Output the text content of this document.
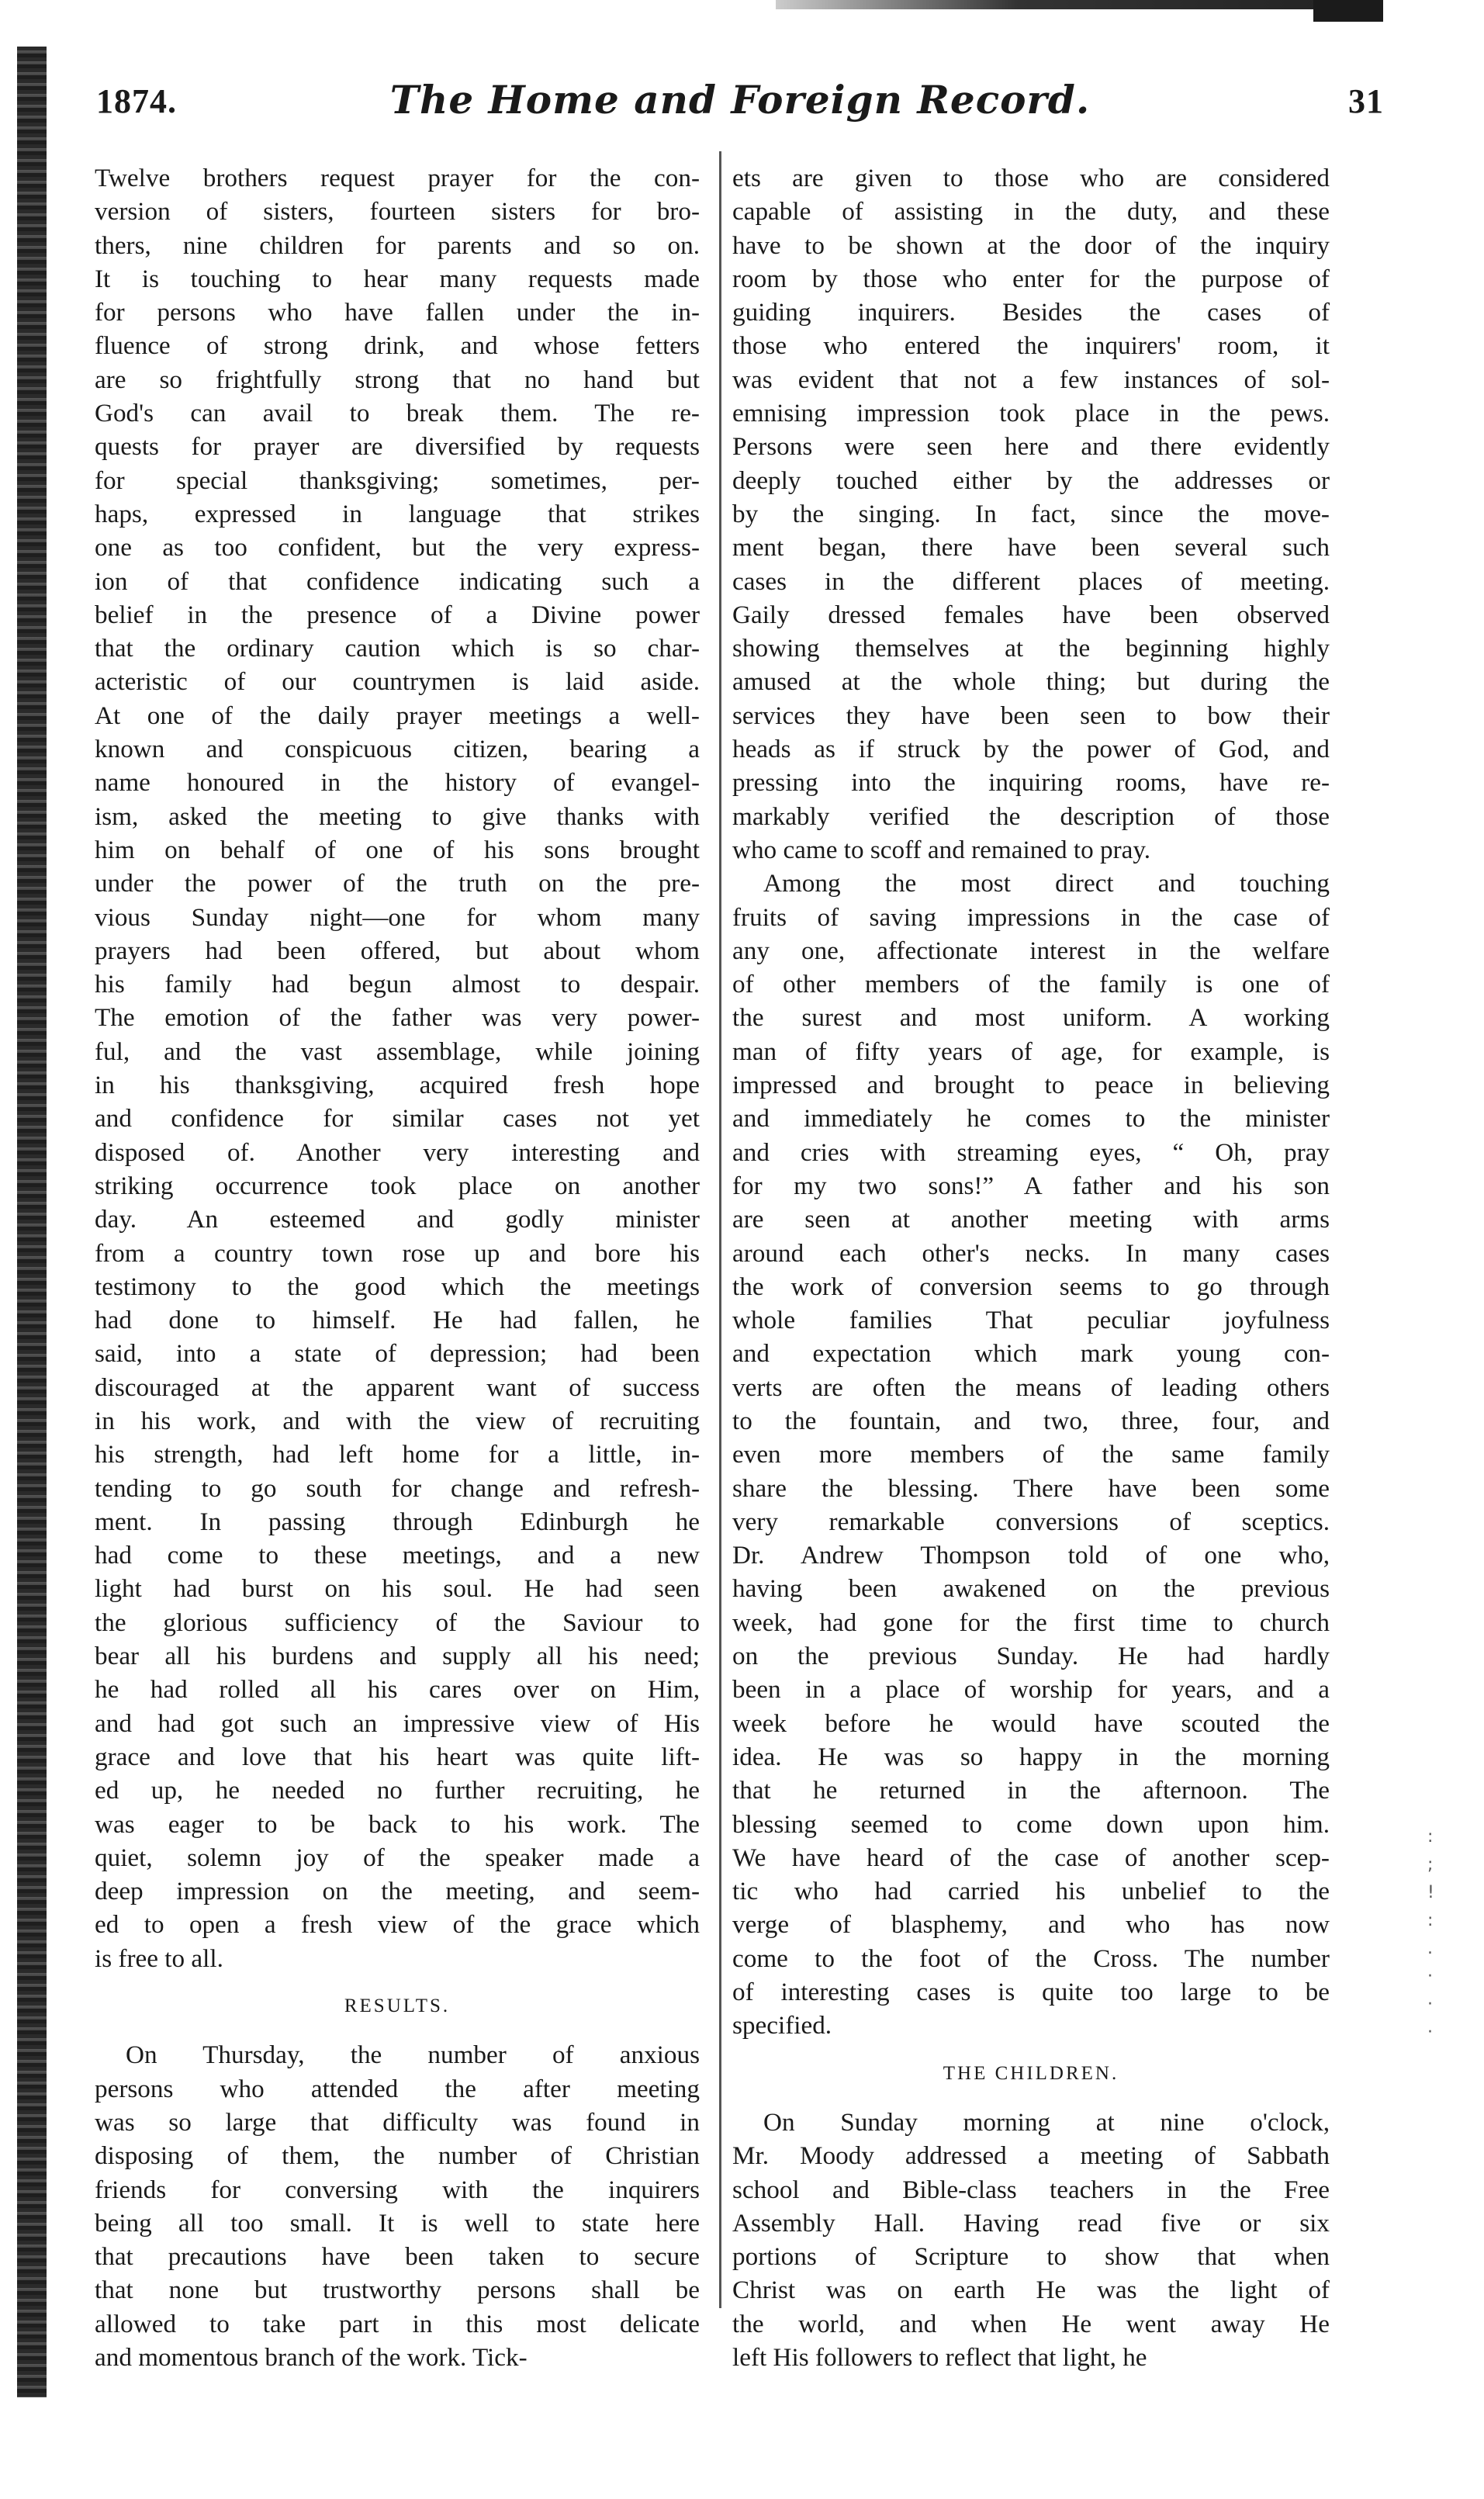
1874.	The Home and Foreign Record.	31
Twelve brothers request prayer for the con-
version of sisters, fourteen sisters for bro-
thers, nine children for parents and so on.
It is touching to hear many requests made
for persons who have fallen under the in-
fluence of strong drink, and whose fetters
are so frightfully strong that no hand but
God's can avail to break them. The re-
quests for prayer are diversified by requests
for special thanksgiving; sometimes, per-
haps, expressed in language that strikes
one as too confident, but the very express-
ion of that confidence indicating such a
belief in the presence of a Divine power
that the ordinary caution which is so char-
acteristic of our countrymen is laid aside.
At one of the daily prayer meetings a well-
known and conspicuous citizen, bearing a
name honoured in the history of evangel-
ism, asked the meeting to give thanks with
him on behalf of one of his sons brought
under the power of the truth on the pre-
vious Sunday night—one for whom many
prayers had been offered, but about whom
his family had begun almost to despair.
The emotion of the father was very power-
ful, and the vast assemblage, while joining
in his thanksgiving, acquired fresh hope
and confidence for similar cases not yet
disposed of. Another very interesting and
striking occurrence took place on another
day. An esteemed and godly minister
from a country town rose up and bore his
testimony to the good which the meetings
had done to himself. He had fallen, he
said, into a state of depression; had been
discouraged at the apparent want of success
in his work, and with the view of recruiting
his strength, had left home for a little, in-
tending to go south for change and refresh-
ment. In passing through Edinburgh he
had come to these meetings, and a new
light had burst on his soul. He had seen
the glorious sufficiency of the Saviour to
bear all his burdens and supply all his need;
he had rolled all his cares over on Him,
and had got such an impressive view of His
grace and love that his heart was quite lift-
ed up, he needed no further recruiting, he
was eager to be back to his work. The
quiet, solemn joy of the speaker made a
deep impression on the meeting, and seem-
ed to open a fresh view of the grace which
is free to all.
RESULTS.
On Thursday, the number of anxious
persons who attended the after meeting
was so large that difficulty was found in
disposing of them, the number of Christian
friends for conversing with the inquirers
being all too small. It is well to state here
that precautions have been taken to secure
that none but trustworthy persons shall be
allowed to take part in this most delicate
and momentous branch of the work. Tick-
ets are given to those who are considered
capable of assisting in the duty, and these
have to be shown at the door of the inquiry
room by those who enter for the purpose of
guiding inquirers. Besides the cases of
those who entered the inquirers' room, it
was evident that not a few instances of sol-
emnising impression took place in the pews.
Persons were seen here and there evidently
deeply touched either by the addresses or
by the singing. In fact, since the move-
ment began, there have been several such
cases in the different places of meeting.
Gaily dressed females have been observed
showing themselves at the beginning highly
amused at the whole thing; but during the
services they have been seen to bow their
heads as if struck by the power of God, and
pressing into the inquiring rooms, have re-
markably verified the description of those
who came to scoff and remained to pray.
Among the most direct and touching
fruits of saving impressions in the case of
any one, affectionate interest in the welfare
of other members of the family is one of
the surest and most uniform. A working
man of fifty years of age, for example, is
impressed and brought to peace in believing
and immediately he comes to the minister
and cries with streaming eyes, “ Oh, pray
for my two sons!” A father and his son
are seen at another meeting with arms
around each other's necks. In many cases
the work of conversion seems to go through
whole families That peculiar joyfulness
and expectation which mark young con-
verts are often the means of leading others
to the fountain, and two, three, four, and
even more members of the same family
share the blessing. There have been some
very remarkable conversions of sceptics.
Dr. Andrew Thompson told of one who,
having been awakened on the previous
week, had gone for the first time to church
on the previous Sunday. He had hardly
been in a place of worship for years, and a
week before he would have scouted the
idea. He was so happy in the morning
that he returned in the afternoon. The
blessing seemed to come down upon him.
We have heard of the case of another scep-
tic who had carried his unbelief to the
verge of blasphemy, and who has now
come to the foot of the Cross. The number
of interesting cases is quite too large to be
specified.
THE CHILDREN.
On Sunday morning at nine o'clock,
Mr. Moody addressed a meeting of Sabbath
school and Bible-class teachers in the Free
Assembly Hall. Having read five or six
portions of Scripture to show that when
Christ was on earth He was the light of
the world, and when He went away He
left His followers to reflect that light, he
:
;
!
:
.
·
·
·
